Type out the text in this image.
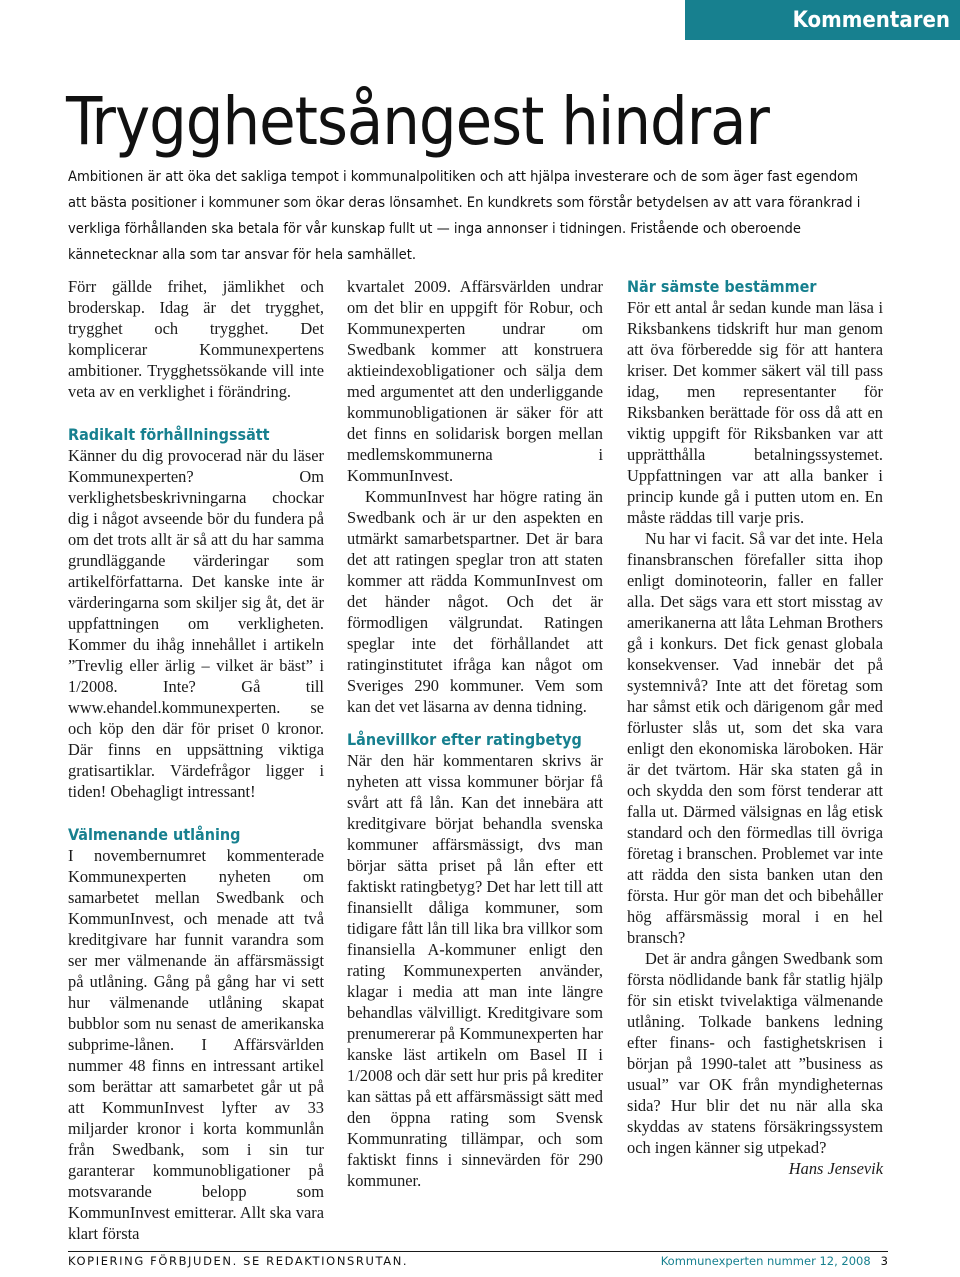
Kommentaren
Trygghetsångest hindrar

Ambitionen är att öka det sakliga tempot i kommunalpolitiken och att hjälpa investerare och de som äger fast egendom att bästa positioner i kommuner som ökar deras lönsamhet. En kundkrets som förstår betydelsen av att vara förankrad i verkliga förhållanden ska betala för vår kunskap fullt ut — inga annonser i tidningen. Fristående och oberoende kännetecknar alla som tar ansvar för hela samhället.

Förr gällde frihet, jämlikhet och broderskap. Idag är det trygghet, trygghet och trygghet. Det komplicerar Kommunexpertens ambitioner. Trygghetssökande vill inte veta av en verklighet i förändring.

Radikalt förhållningssätt

Känner du dig provocerad när du läser Kommunexperten? Om verklighetsbeskrivningarna chockar dig i något avseende bör du fundera på om det trots allt är så att du har samma grundläggande värderingar som artikelförfattarna. Det kanske inte är värderingarna som skiljer sig åt, det är uppfattningen om verkligheten. Kommer du ihåg innehållet i artikeln ”Trevlig eller ärlig – vilket är bäst” i 1/2008. Inte? Gå till www.ehandel.kommunexperten. se och köp den där för priset 0 kronor. Där finns en uppsättning viktiga gratisartiklar. Värdefrågor ligger i tiden! Obehagligt intressant!

Välmenande utlåning

I novembernumret kommenterade Kommunexperten nyheten om samarbetet mellan Swedbank och KommunInvest, och menade att två kreditgivare har funnit varandra som ser mer välmenande än affärsmässigt på utlåning. Gång på gång har vi sett hur välmenande utlåning skapat bubblor som nu senast de amerikanska subprime-lånen. I Affärsvärlden nummer 48 finns en intressant artikel som berättar att samarbetet går ut på att KommunInvest lyfter av 33 miljarder kronor i korta kommunlån från Swedbank, som i sin tur garanterar kommunobligationer på motsvarande belopp som KommunInvest emitterar. Allt ska vara klart första

kvartalet 2009. Affärsvärlden undrar om det blir en uppgift för Robur, och Kommunexperten undrar om Swedbank kommer att konstruera aktieindexobligationer och sälja dem med argumentet att den underliggande kommunobligationen är säker för att det finns en solidarisk borgen mellan medlemskommunerna i KommunInvest.

KommunInvest har högre rating än Swedbank och är ur den aspekten en utmärkt samarbetspartner. Det är bara det att ratingen speglar tron att staten kommer att rädda KommunInvest om det händer något. Och det är förmodligen välgrundat. Ratingen speglar inte det förhållandet att ratinginstitutet ifråga kan något om Sveriges 290 kommuner. Vem som kan det vet läsarna av denna tidning.

Lånevillkor efter ratingbetyg

När den här kommentaren skrivs är nyheten att vissa kommuner börjar få svårt att få lån. Kan det innebära att kreditgivare börjat behandla svenska kommuner affärsmässigt, dvs man börjar sätta priset på lån efter ett faktiskt ratingbetyg? Det har lett till att finansiellt dåliga kommuner, som tidigare fått lån till lika bra villkor som finansiella A-kommuner enligt den rating Kommunexperten använder, klagar i media att man inte längre behandlas välvilligt. Kreditgivare som prenumererar på Kommunexperten har kanske läst artikeln om Basel II i 1/2008 och där sett hur pris på krediter kan sättas på ett affärsmässigt sätt med den öppna rating som Svensk Kommunrating tillämpar, och som faktiskt finns i sinnevärden för 290 kommuner.

När sämste bestämmer

För ett antal år sedan kunde man läsa i Riksbankens tidskrift hur man genom att öva förberedde sig för att hantera kriser. Det kommer säkert väl till pass idag, men representanter för Riksbanken berättade för oss då att en viktig uppgift för Riksbanken var att upprätthålla betalningssystemet. Uppfattningen var att alla banker i princip kunde gå i putten utom en. En måste räddas till varje pris.

Nu har vi facit. Så var det inte. Hela finansbranschen förefaller sitta ihop enligt dominoteorin, faller en faller alla. Det sägs vara ett stort misstag av amerikanerna att låta Lehman Brothers gå i konkurs. Det fick genast globala konsekvenser. Vad innebär det på systemnivå? Inte att det företag som har såmst etik och därigenom går med förluster slås ut, som det ska vara enligt den ekonomiska läroboken. Här är det tvärtom. Här ska staten gå in och skydda den som först tenderar att falla ut. Därmed välsignas en låg etisk standard och den förmedlas till övriga företag i branschen. Problemet var inte att rädda den sista banken utan den första. Hur gör man det och bibehåller hög affärsmässig moral i en hel bransch?

Det är andra gången Swedbank som första nödlidande bank får statlig hjälp för sin etiskt tvivelaktiga välmenande utlåning. Tolkade bankens ledning efter finans- och fastighetskrisen i början på 1990-talet att ”business as usual” var OK från myndigheternas sida? Hur blir det nu när alla ska skyddas av statens försäkringssystem och ingen känner sig utpekad?

Hans Jensevik

KOPIERING FÖRBJUDEN. SE REDAKTIONSRUTAN.	Kommunexperten nummer 12, 2008 3
